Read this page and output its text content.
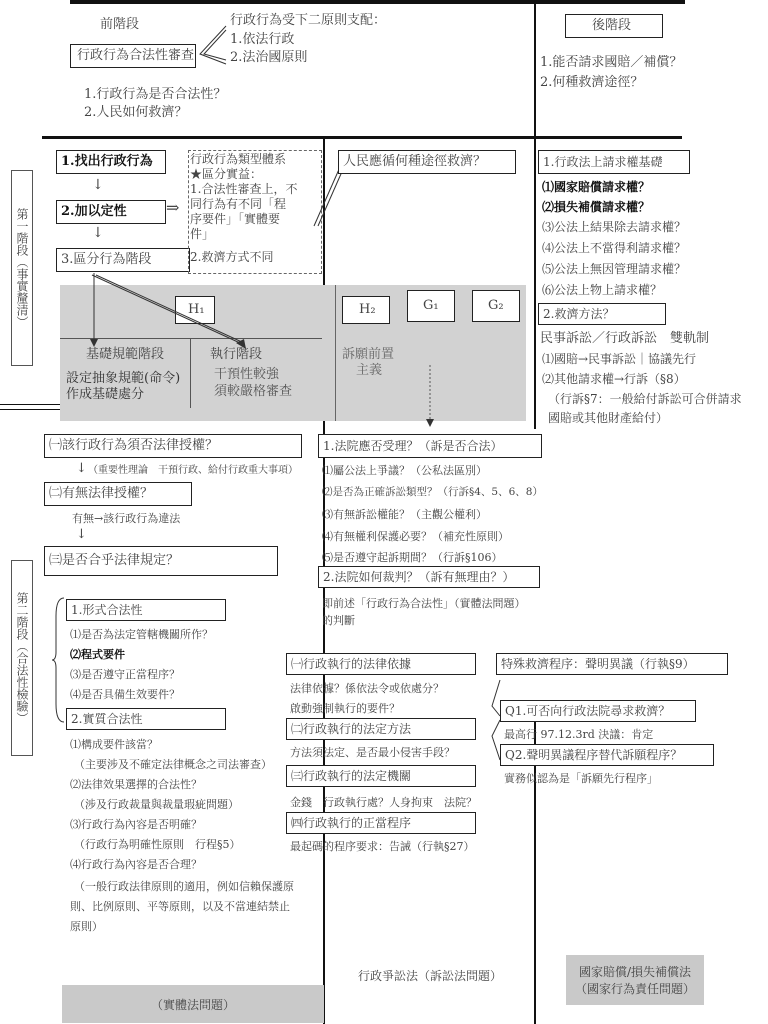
前階段
行政行為合法性審查
行政行為受下二原則支配：
1.依法行政
2.法治國原則
1.行政行為是否合法性？
2.人民如何救濟？
後階段
1.能否請求國賠／補償？
2.何種救濟途徑？
第一階段（事實釐清）
1.找出行政行為
↓
2.加以定性
↓
3.區分行為階段
⇒
行政行為類型體系
★區分實益：
1.合法性審查上，不
同行為有不同「程
序要件」「實體要
件」
2.救濟方式不同
人民應循何種途徑救濟？	1.行政法上請求權基礎
⑴國家賠償請求權？
⑵損失補償請求權？
⑶公法上結果除去請求權？
⑷公法上不當得利請求權？
⑸公法上無因管理請求權？
⑹公法上物上請求權？
2.救濟方法？
民事訴訟／行政訴訟　雙軌制
⑴國賠→民事訴訟｜協議先行
⑵其他請求權→行訴（§8）
（行訴§7：一般給付訴訟可合併請求
國賠或其他財產給付）
H₁	H₂	G₁	G₂
基礎規範階段
設定抽象規範(命令)
作成基礎處分
執行階段
干預性較強
須較嚴格審查
訴願前置
主義
㈠該行政行為須否法律授權？
↓ （重要性理論　干預行政、給付行政重大事項）
㈡有無法律授權？
有無→該行政行為違法
↓
㈢是否合乎法律規定？
第二階段（合法性檢驗）	1.形式合法性
⑴是否為法定管轄機關所作？
⑵程式要件
⑶是否遵守正當程序？
⑷是否具備生效要件？
2.實質合法性
⑴構成要件該當？
（主要涉及不確定法律概念之司法審查）
⑵法律效果選擇的合法性？
（涉及行政裁量與裁量瑕疵問題）
⑶行政行為內容是否明確？
（行政行為明確性原則　行程§5）
⑷行政行為內容是否合理？
（一般行政法律原則的適用，例如信賴保護原
則、比例原則、平等原則，以及不當連結禁止
原則）
1.法院應否受理？（訴是否合法）
⑴屬公法上爭議？（公私法區別）
⑵是否為正確訴訟類型？（行訴§4、5、6、8）
⑶有無訴訟權能？（主觀公權利）
⑷有無權利保護必要？（補充性原則）
⑸是否遵守起訴期間？（行訴§106）
2.法院如何裁判？（訴有無理由？）
即前述「行政行為合法性」（實體法問題）
的判斷
㈠行政執行的法律依據
法律依據？係依法令或依處分？
啟動強制執行的要件？
㈡行政執行的法定方法
方法須法定、是否最小侵害手段？
㈢行政執行的法定機關
金錢　行政執行處？人身拘束　法院？
㈣行政執行的正當程序
最起碼的程序要求：告誡（行執§27）
特殊救濟程序：聲明異議（行執§9）
Q1.可否向行政法院尋求救濟？
最高行 97.12.3rd 決議：肯定
Q2.聲明異議程序替代訴願程序？
實務似認為是「訴願先行程序」
（實體法問題）
行政爭訟法（訴訟法問題）	國家賠償/損失補償法
（國家行為責任問題）
